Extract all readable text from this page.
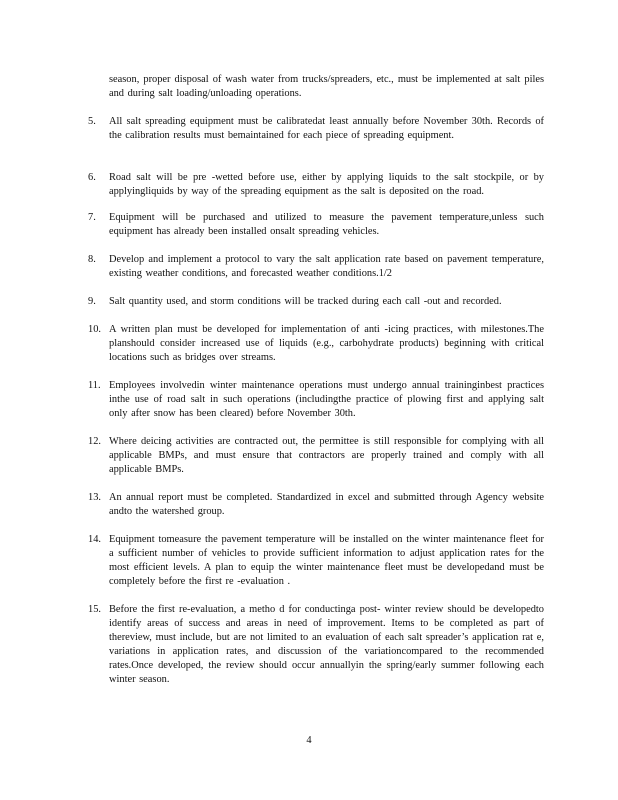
season, proper disposal of wash water from trucks/spreaders, etc., must be implemented at salt piles and during salt loading/unloading operations.
5.	All salt spreading equipment must be calibratedat least annually before November 30th. Records of the calibration results must bemaintained for each piece of spreading equipment.
6.	Road salt will be pre -wetted before use, either by applying liquids to the salt stockpile, or by applyingliquids by way of the spreading equipment as the salt is deposited on the road.
7.	Equipment will be purchased and utilized to measure the pavement temperature,unless such equipment has already been installed onsalt spreading vehicles.
8.	Develop and implement a protocol to vary the salt application rate based on pavement temperature, existing weather conditions, and forecasted weather conditions.1/2
9.	Salt quantity used, and storm conditions will be tracked during each call -out and recorded.
10. A written plan must be developed for implementation of anti -icing practices, with milestones.The planshould consider increased use of liquids (e.g., carbohydrate products) beginning with critical locations such as bridges over streams.
11. Employees involvedin winter maintenance operations must undergo annual traininginbest practices inthe use of road salt in such operations (includingthe practice of plowing first and applying salt only after snow has been cleared) before November 30th.
12. Where deicing activities are contracted out, the permittee is still responsible for complying with all applicable BMPs, and must ensure that contractors are properly trained and comply with all applicable BMPs.
13. An annual report must be completed. Standardized in excel and submitted through Agency website andto the watershed group.
14. Equipment tomeasure the pavement temperature will be installed on the winter maintenance fleet for a sufficient number of vehicles to provide sufficient information to adjust application rates for the most efficient levels. A plan to equip the winter maintenance fleet must be developedand must be completely before the first re -evaluation .
15. Before the first re-evaluation, a metho d for conductinga post- winter review should be developedto identify areas of success and areas in need of improvement. Items to be completed as part of thereview, must include, but are not limited to an evaluation of each salt spreader’s application rat e, variations in application rates, and discussion of the variationcompared to the recommended rates.Once developed, the review should occur annuallyin the spring/early summer following each winter season.
4
